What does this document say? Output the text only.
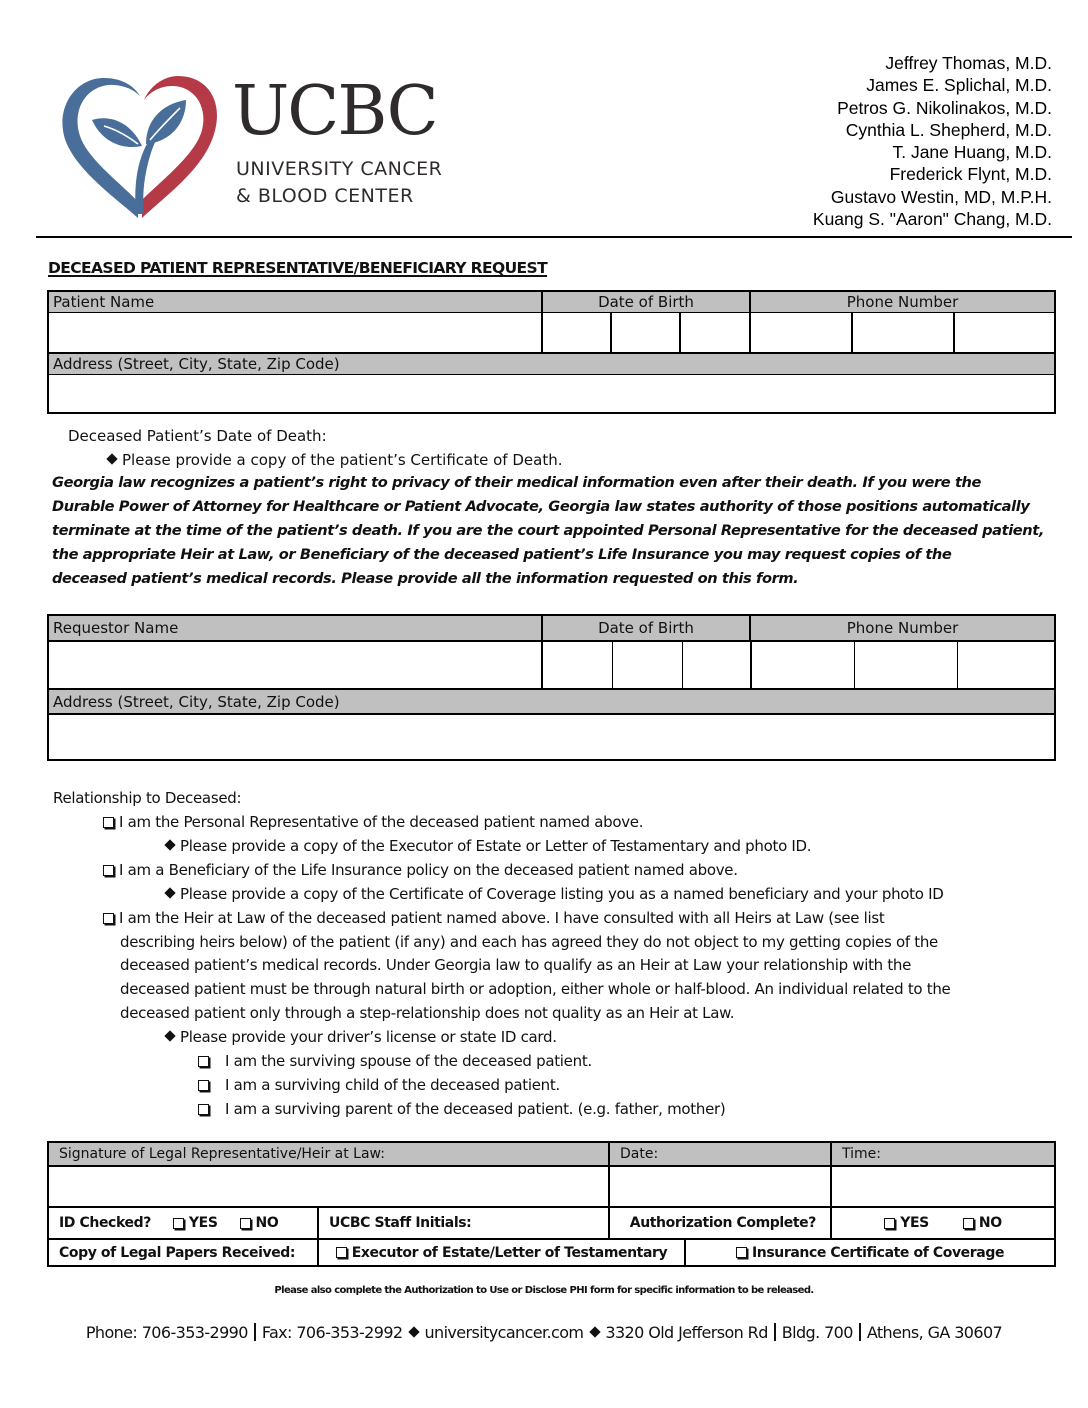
UCBC
UNIVERSITY CANCER
& BLOOD CENTER
Jeffrey Thomas, M.D.
James E. Splichal, M.D.
Petros G. Nikolinakos, M.D.
Cynthia L. Shepherd, M.D.
T. Jane Huang, M.D.
Frederick Flynt, M.D.
Gustavo Westin, MD, M.P.H.
Kuang S. "Aaron" Chang, M.D.
DECEASED PATIENT REPRESENTATIVE/BENEFICIARY REQUEST
Patient Name	Date of Birth	Phone Number
Address (Street, City, State, Zip Code)
Deceased Patient’s Date of Death:
Please provide a copy of the patient’s Certificate of Death.
Georgia law recognizes a patient’s right to privacy of their medical information even after their death. If you were the
Durable Power of Attorney for Healthcare or Patient Advocate, Georgia law states authority of those positions automatically
terminate at the time of the patient’s death. If you are the court appointed Personal Representative for the deceased patient,
the appropriate Heir at Law, or Beneficiary of the deceased patient’s Life Insurance you may request copies of the
deceased patient’s medical records. Please provide all the information requested on this form.
Requestor Name	Date of Birth	Phone Number
Address (Street, City, State, Zip Code)
Relationship to Deceased:
I am the Personal Representative of the deceased patient named above.
Please provide a copy of the Executor of Estate or Letter of Testamentary and photo ID.
I am a Beneficiary of the Life Insurance policy on the deceased patient named above.
Please provide a copy of the Certificate of Coverage listing you as a named beneficiary and your photo ID
I am the Heir at Law of the deceased patient named above. I have consulted with all Heirs at Law (see list
describing heirs below) of the patient (if any) and each has agreed they do not object to my getting copies of the
deceased patient’s medical records. Under Georgia law to qualify as an Heir at Law your relationship with the
deceased patient must be through natural birth or adoption, either whole or half-blood. An individual related to the
deceased patient only through a step-relationship does not quality as an Heir at Law.
Please provide your driver’s license or state ID card.
I am the surviving spouse of the deceased patient.
I am a surviving child of the deceased patient.
I am a surviving parent of the deceased patient. (e.g. father, mother)
Signature of Legal Representative/Heir at Law:	Date:	Time:
ID Checked?	YES	NO	UCBC Staff Initials:	Authorization Complete?	YES	NO
Copy of Legal Papers Received:	Executor of Estate/Letter of Testamentary	Insurance Certificate of Coverage
Please also complete the Authorization to Use or Disclose PHI form for specific information to be released.
Phone: 706-353-2990 Fax: 706-353-2992 universitycancer.com 3320 Old Jefferson Rd Bldg. 700 Athens, GA 30607
